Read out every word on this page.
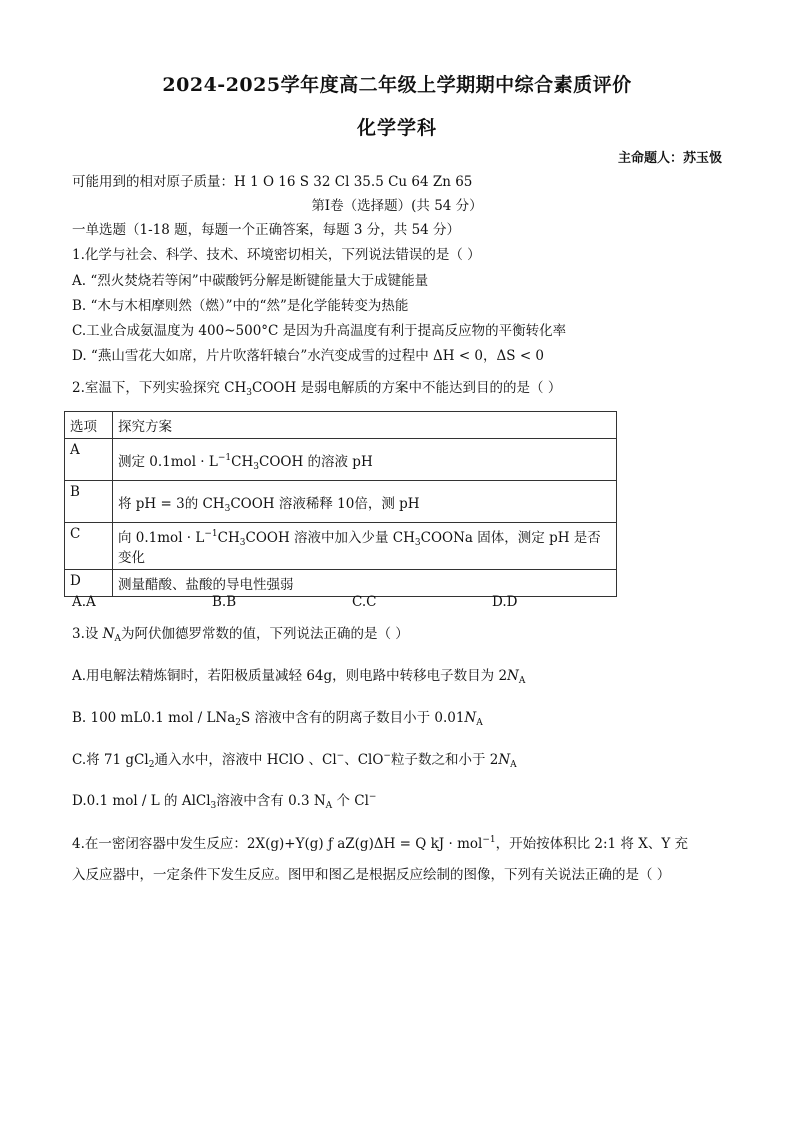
2024-2025学年度高二年级上学期期中综合素质评价
化学学科
主命题人：苏玉忣
可能用到的相对原子质量：H 1 O 16 S 32 Cl 35.5 Cu 64 Zn 65
第Ⅰ卷（选择题）(共 54 分）
一单选题（1-18 题，每题一个正确答案，每题 3 分，共 54 分）
1.化学与社会、科学、技术、环境密切相关，下列说法错误的是（ ）
A. “烈火焚烧若等闲”中碳酸钙分解是断键能量大于成键能量
B. “木与木相摩则然（燃）”中的“然”是化学能转变为热能
C.工业合成氨温度为 400~500°C 是因为升高温度有利于提高反应物的平衡转化率
D. “燕山雪花大如席，片片吹落轩辕台”水汽变成雪的过程中 ΔH < 0，ΔS < 0
2.室温下，下列实验探究 $CH_3COOH$ 是弱电解质的方案中不能达到目的的是（ ）
选项	探究方案
A	测定 $0.1mol \cdot L^{-1}CH_3COOH$ 的溶液 pH
B	将 pH = 3的 $CH_3COOH$ 溶液稀释 10倍，测 pH
C	向 $0.1mol \cdot L^{-1}CH_3COOH$ 溶液中加入少量 $CH_3COONa$ 固体，测定 pH 是否变化
D	测量醋酸、盐酸的导电性强弱
A.A	B.B	C.C	D.D
3.设 $N_A$为阿伏伽德罗常数的值，下列说法正确的是（ ）
A.用电解法精炼铜时，若阳极质量减轻 64g，则电路中转移电子数目为 $2N_A$
B. 100 mL0.1 mol / LNa$_2$S 溶液中含有的阴离子数目小于 $0.01N_A$
C.将 71 gCl$_2$通入水中，溶液中 HClO 、Cl−、ClO−粒子数之和小于 $2N_A$
D.0.1 mol / L 的 AlCl$_3$溶液中含有 0.3 $N_A$ 个 Cl−
4.在一密闭容器中发生反应：2X(g)+Y(g) ƒ aZ(g)ΔH = Q kJ · mol$^{-1}$，开始按体积比 2:1 将 X、Y 充
入反应器中，一定条件下发生反应。图甲和图乙是根据反应绘制的图像，下列有关说法正确的是（ ）
